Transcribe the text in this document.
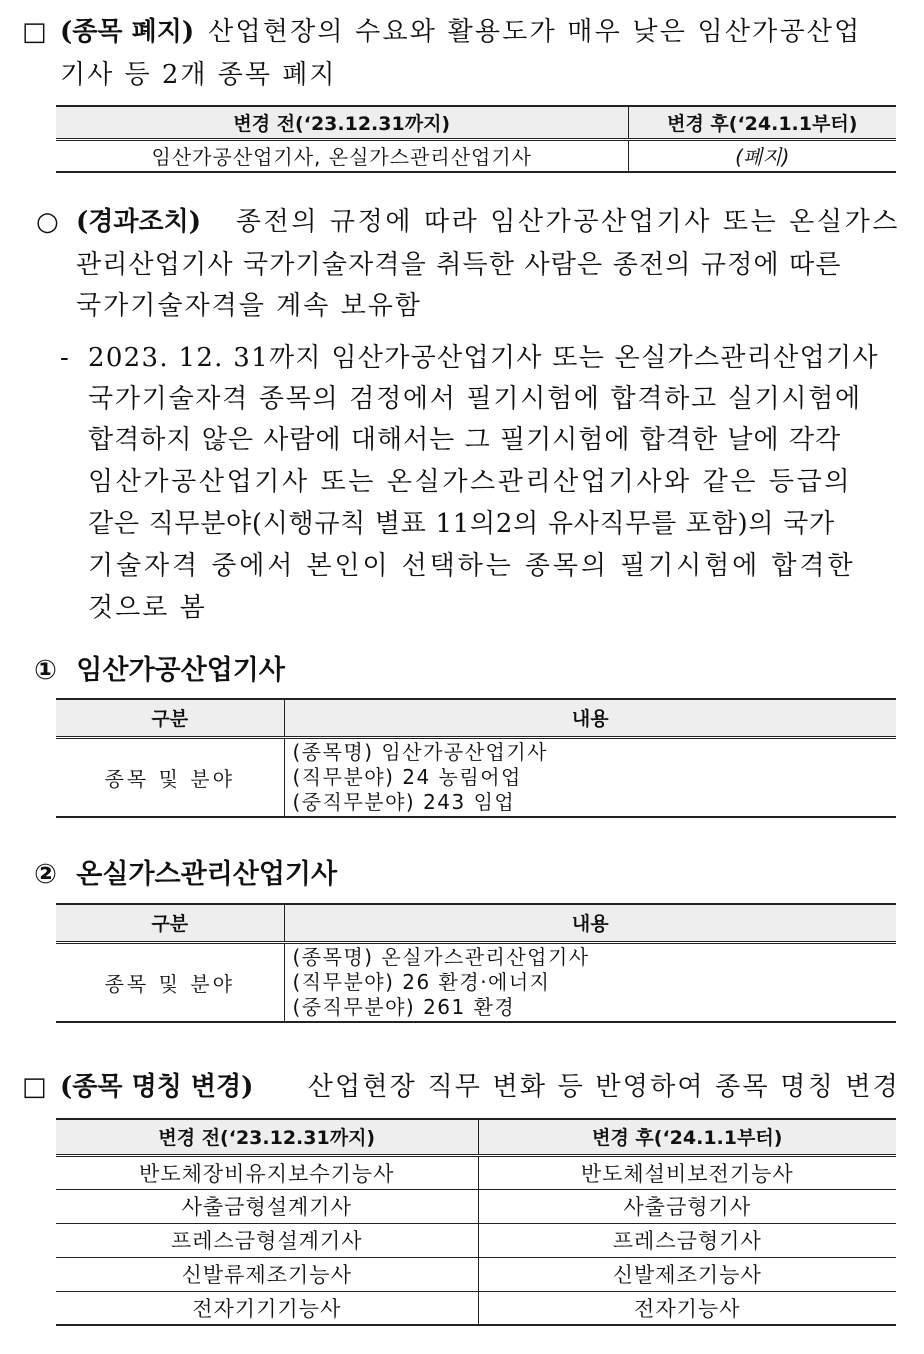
□ (종목 폐지) 산업현장의 수요와 활용도가 매우 낮은 임산가공산업
기사 등 2개 종목 폐지
변경 전(‘23.12.31까지)	변경 후(‘24.1.1부터)
임산가공산업기사, 온실가스관리산업기사	(폐지)
○ (경과조치) 종전의 규정에 따라 임산가공산업기사 또는 온실가스
관리산업기사 국가기술자격을 취득한 사람은 종전의 규정에 따른
국가기술자격을 계속 보유함
- 2023. 12. 31까지 임산가공산업기사 또는 온실가스관리산업기사
국가기술자격 종목의 검정에서 필기시험에 합격하고 실기시험에
합격하지 않은 사람에 대해서는 그 필기시험에 합격한 날에 각각
임산가공산업기사 또는 온실가스관리산업기사와 같은 등급의
같은 직무분야(시행규칙 별표 11의2의 유사직무를 포함)의 국가
기술자격 중에서 본인이 선택하는 종목의 필기시험에 합격한
것으로 봄
① 임산가공산업기사
구분	내용
종목 및 분야	(종목명) 임산가공산업기사
(직무분야) 24 농림어업
(중직무분야) 243 임업
② 온실가스관리산업기사
구분	내용
종목 및 분야	(종목명) 온실가스관리산업기사
(직무분야) 26 환경·에너지
(중직무분야) 261 환경
□ (종목 명칭 변경) 산업현장 직무 변화 등 반영하여 종목 명칭 변경
변경 전(‘23.12.31까지)	변경 후(‘24.1.1부터)
반도체장비유지보수기능사	반도체설비보전기능사
사출금형설계기사	사출금형기사
프레스금형설계기사	프레스금형기사
신발류제조기능사	신발제조기능사
전자기기기능사	전자기능사
